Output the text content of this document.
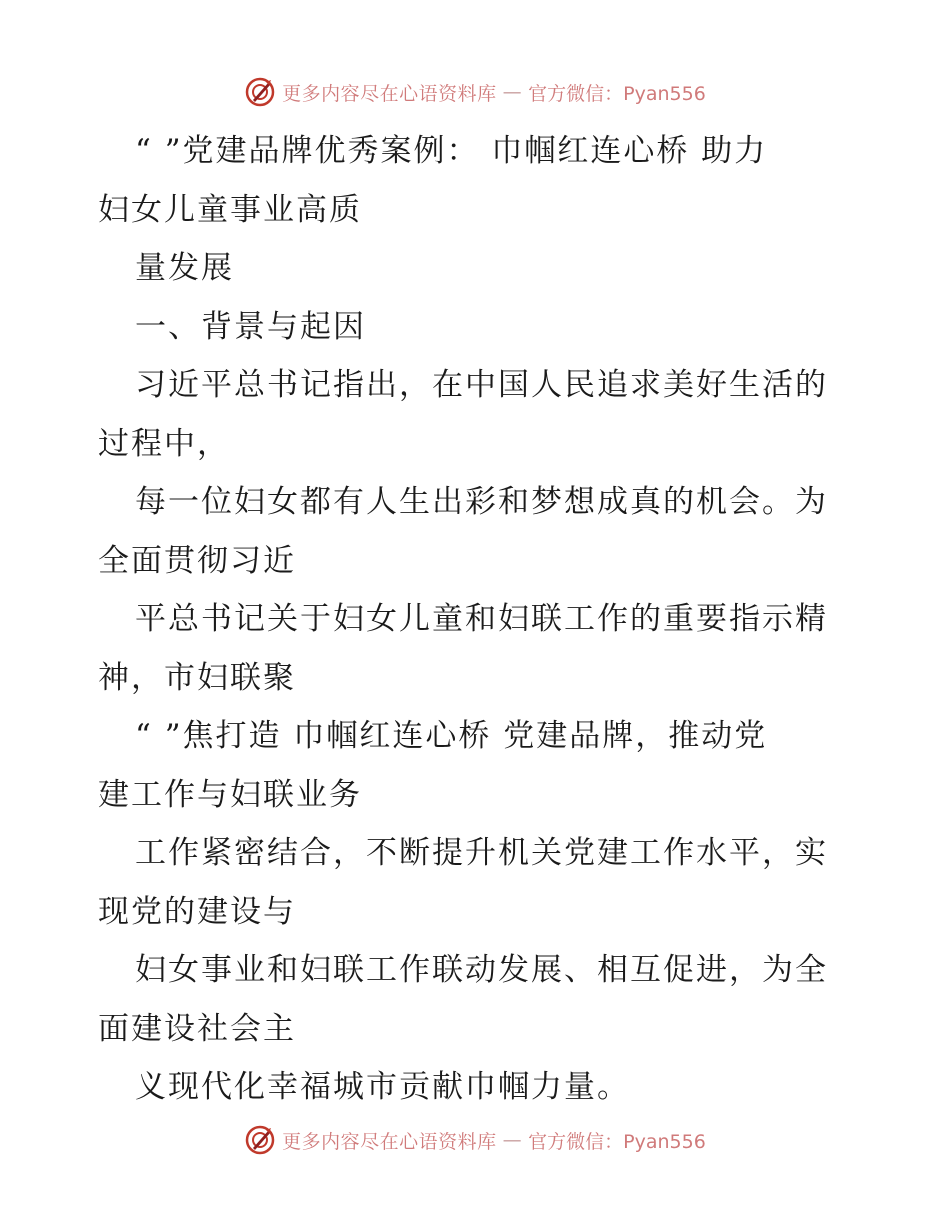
更多内容尽在心语资料库 — 官方微信：Pyan556
“ ”党建品牌优秀案例： 巾帼红连心桥 助力
妇女儿童事业高质
量发展
一、背景与起因
习近平总书记指出，在中国人民追求美好生活的
过程中，
每一位妇女都有人生出彩和梦想成真的机会。为
全面贯彻习近
平总书记关于妇女儿童和妇联工作的重要指示精
神，市妇联聚
“ ”焦打造 巾帼红连心桥 党建品牌，推动党
建工作与妇联业务
工作紧密结合，不断提升机关党建工作水平，实
现党的建设与
妇女事业和妇联工作联动发展、相互促进，为全
面建设社会主
义现代化幸福城市贡献巾帼力量。
更多内容尽在心语资料库 — 官方微信：Pyan556
